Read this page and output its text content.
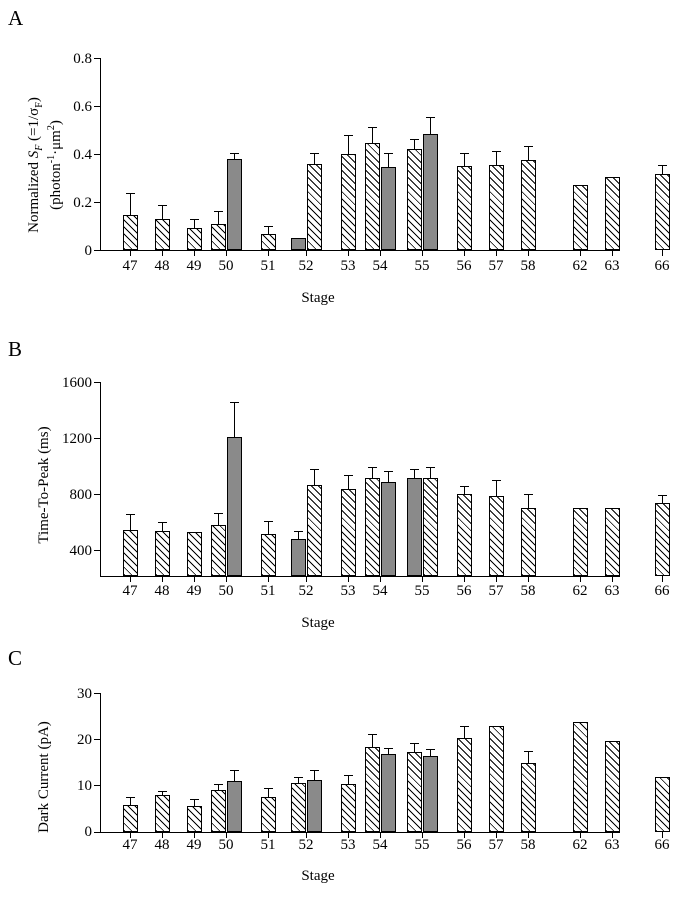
A
Normalized $S_F$ $(=1/\sigma_F)$
$(photon^{-1}\cdot\mu m^2)$
0
0.2
0.4
0.6
0.8
47	48	49	50	51	52	53	54	55	56	57	58	62	63	66
Stage
B
Time-To-Peak (ms)
400
800
1200
1600
47	48	49	50	51	52	53	54	55	56	57	58	62	63	66
Stage
C
Dark Current (pA)	0
10
20
30
47	48	49	50	51	52	53	54	55	56	57	58	62	63	66
Stage
